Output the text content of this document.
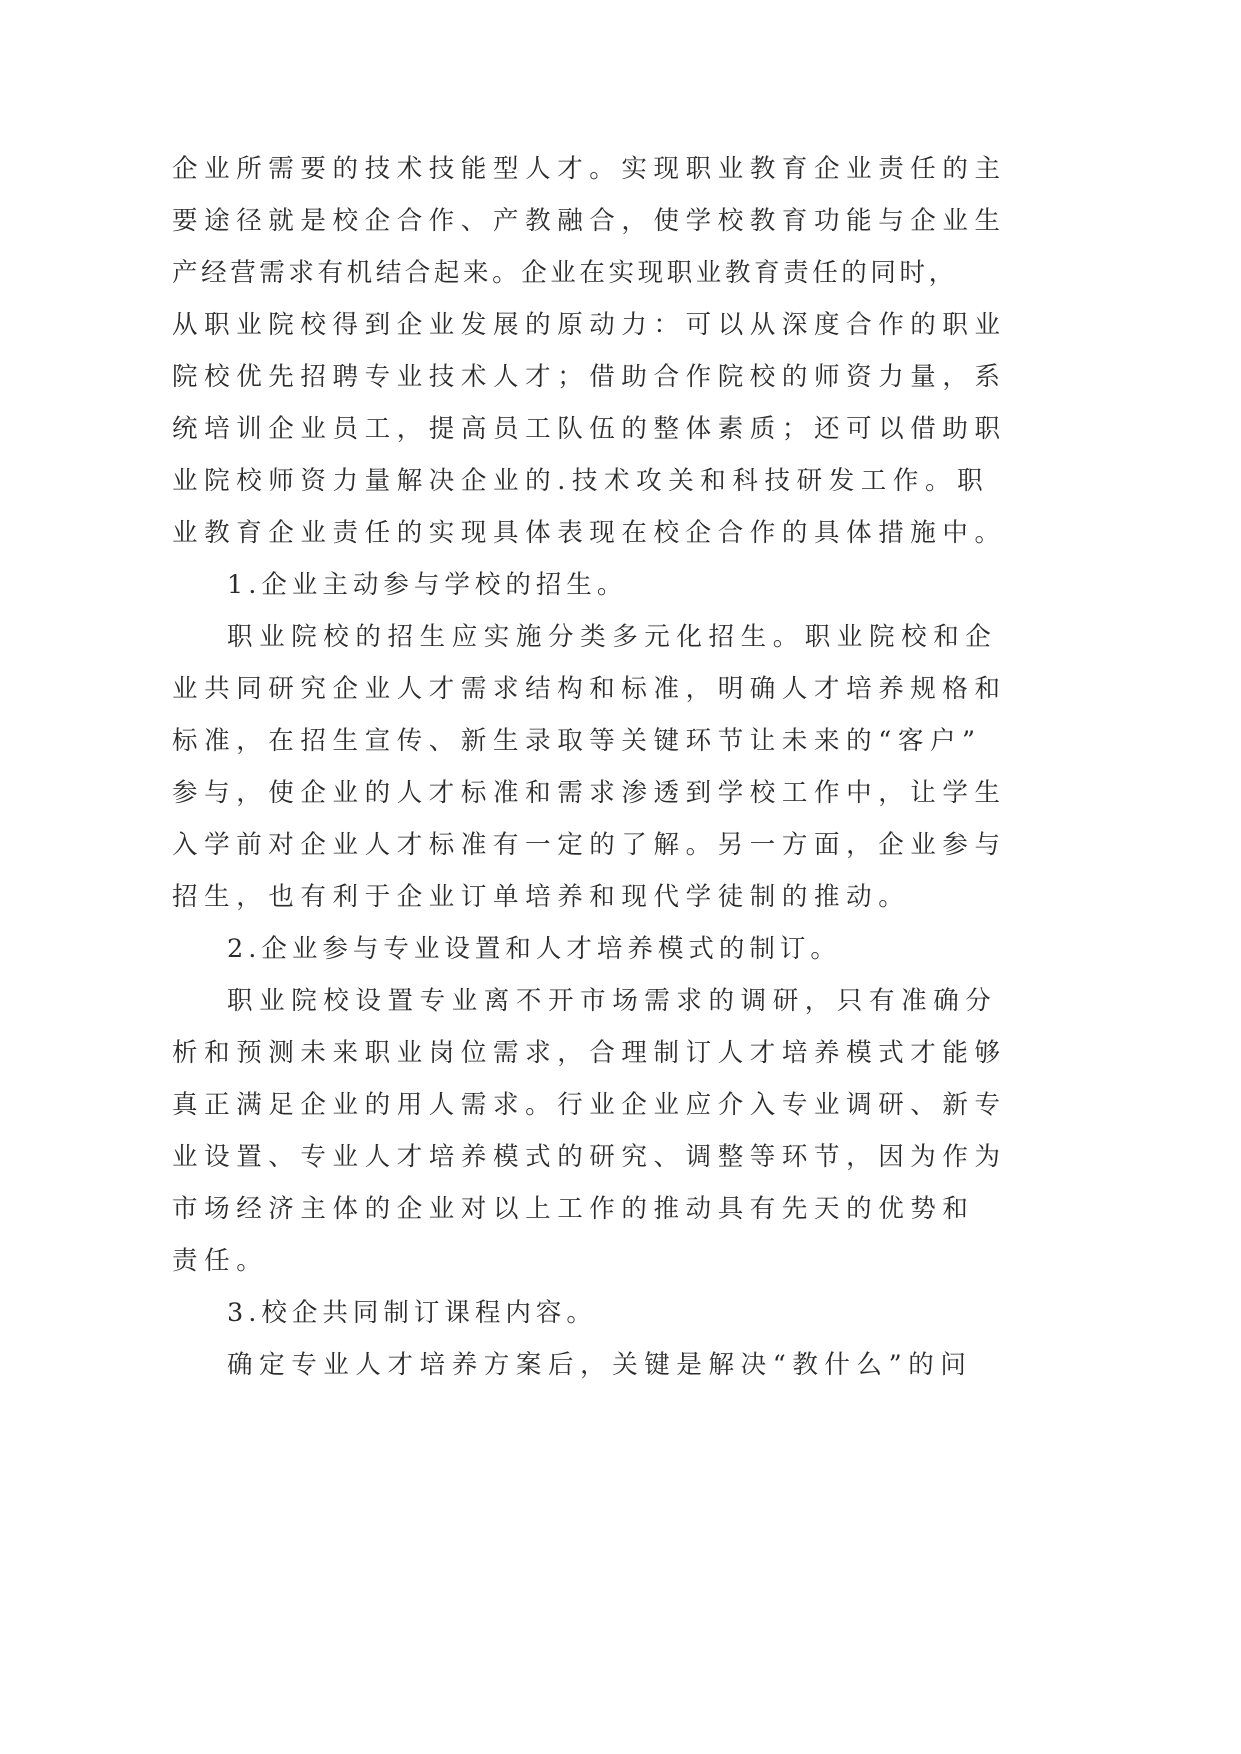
企业所需要的技术技能型人才。实现职业教育企业责任的主
要途径就是校企合作、产教融合，使学校教育功能与企业生
产经营需求有机结合起来。企业在实现职业教育责任的同时，
从职业院校得到企业发展的原动力：可以从深度合作的职业
院校优先招聘专业技术人才；借助合作院校的师资力量，系
统培训企业员工，提高员工队伍的整体素质；还可以借助职
业院校师资力量解决企业的.技术攻关和科技研发工作。职
业教育企业责任的实现具体表现在校企合作的具体措施中。
1.企业主动参与学校的招生。
职业院校的招生应实施分类多元化招生。职业院校和企
业共同研究企业人才需求结构和标准，明确人才培养规格和
标准，在招生宣传、新生录取等关键环节让未来的“客户”
参与，使企业的人才标准和需求渗透到学校工作中，让学生
入学前对企业人才标准有一定的了解。另一方面，企业参与
招生，也有利于企业订单培养和现代学徒制的推动。
2.企业参与专业设置和人才培养模式的制订。
职业院校设置专业离不开市场需求的调研，只有准确分
析和预测未来职业岗位需求，合理制订人才培养模式才能够
真正满足企业的用人需求。行业企业应介入专业调研、新专
业设置、专业人才培养模式的研究、调整等环节，因为作为
市场经济主体的企业对以上工作的推动具有先天的优势和
责任。
3.校企共同制订课程内容。
确定专业人才培养方案后，关键是解决“教什么”的问
